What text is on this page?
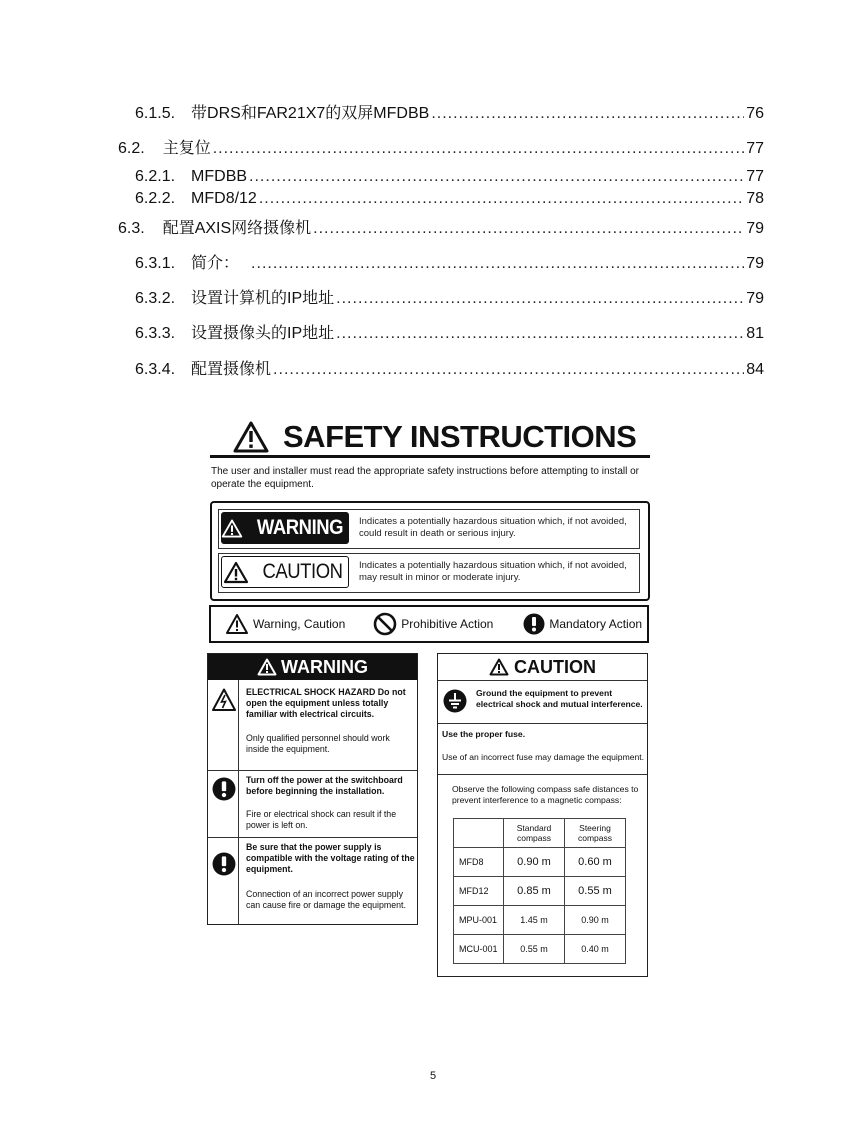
6.1.5. 带DRS和FAR21X7的双屏MFDBB .....	76
6.2. 主复位 .....	77
6.2.1. MFDBB .....	77
6.2.2. MFD8/12 .....	78
6.3. 配置AXIS网络摄像机 .....	79
6.3.1. 简介： .....	79
6.3.2. 设置计算机的IP地址 .....	79
6.3.3. 设置摄像头的IP地址 .....	81
6.3.4. 配置摄像机 .....	84
SAFETY INSTRUCTIONS
The user and installer must read the appropriate safety instructions before attempting to install or operate the equipment.
WARNING Indicates a potentially hazardous situation which, if not avoided, could result in death or serious injury.
CAUTION Indicates a potentially hazardous situation which, if not avoided, may result in minor or moderate injury.
Warning, Caution	Prohibitive Action	Mandatory Action
WARNING
ELECTRICAL SHOCK HAZARD Do not open the equipment unless totally familiar with electrical circuits.
Only qualified personnel should work inside the equipment.
Turn off the power at the switchboard before beginning the installation.
Fire or electrical shock can result if the power is left on.
Be sure that the power supply is compatible with the voltage rating of the equipment.
Connection of an incorrect power supply can cause fire or damage the equipment.
CAUTION
Ground the equipment to prevent electrical shock and mutual interference.
Use the proper fuse.
Use of an incorrect fuse may damage the equipment.
Observe the following compass safe distances to prevent interference to a magnetic compass:
	Standard compass	Steering compass
MFD8	0.90 m	0.60 m
MFD12	0.85 m	0.55 m
MPU-001	1.45 m	0.90 m
MCU-001	0.55 m	0.40 m
5
